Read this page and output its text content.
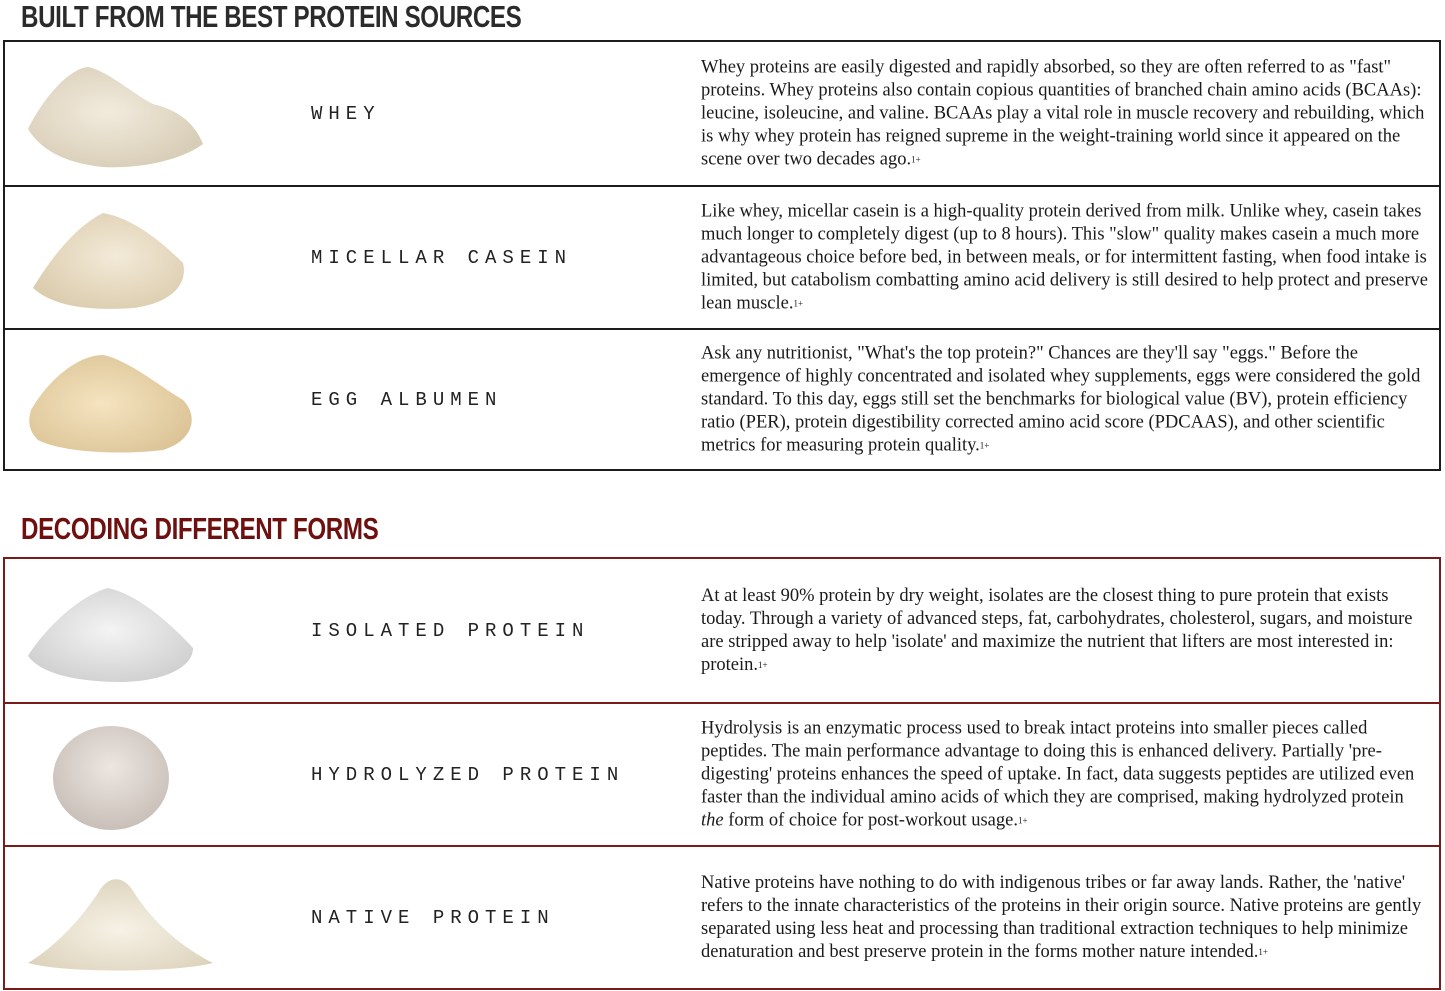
BUILT FROM THE BEST PROTEIN SOURCES
WHEY
Whey proteins are easily digested and rapidly absorbed, so they are often referred to as "fast" proteins. Whey proteins also contain copious quantities of branched chain amino acids (BCAAs): leucine, isoleucine, and valine. BCAAs play a vital role in muscle recovery and rebuilding, which is why whey protein has reigned supreme in the weight-training world since it appeared on the scene over two decades ago.$^{1+}$
MICELLAR CASEIN
Like whey, micellar casein is a high-quality protein derived from milk. Unlike whey, casein takes much longer to completely digest (up to 8 hours). This "slow" quality makes casein a much more advantageous choice before bed, in between meals, or for intermittent fasting, when food intake is limited, but catabolism combatting amino acid delivery is still desired to help protect and preserve lean muscle.$^{1+}$
EGG ALBUMEN
Ask any nutritionist, "What's the top protein?" Chances are they'll say "eggs." Before the emergence of highly concentrated and isolated whey supplements, eggs were considered the gold standard. To this day, eggs still set the benchmarks for biological value (BV), protein efficiency ratio (PER), protein digestibility corrected amino acid score (PDCAAS), and other scientific metrics for measuring protein quality.$^{1+}$
DECODING DIFFERENT FORMS
ISOLATED PROTEIN
At at least 90% protein by dry weight, isolates are the closest thing to pure protein that exists today. Through a variety of advanced steps, fat, carbohydrates, cholesterol, sugars, and moisture are stripped away to help 'isolate' and maximize the nutrient that lifters are most interested in: protein.$^{1+}$
HYDROLYZED PROTEIN
Hydrolysis is an enzymatic process used to break intact proteins into smaller pieces called peptides. The main performance advantage to doing this is enhanced delivery. Partially 'pre-digesting' proteins enhances the speed of uptake. In fact, data suggests peptides are utilized even faster than the individual amino acids of which they are comprised, making hydrolyzed protein the form of choice for post-workout usage.$^{1+}$
NATIVE PROTEIN
Native proteins have nothing to do with indigenous tribes or far away lands. Rather, the 'native' refers to the innate characteristics of the proteins in their origin source. Native proteins are gently separated using less heat and processing than traditional extraction techniques to help minimize denaturation and best preserve protein in the forms mother nature intended.$^{1+}$
